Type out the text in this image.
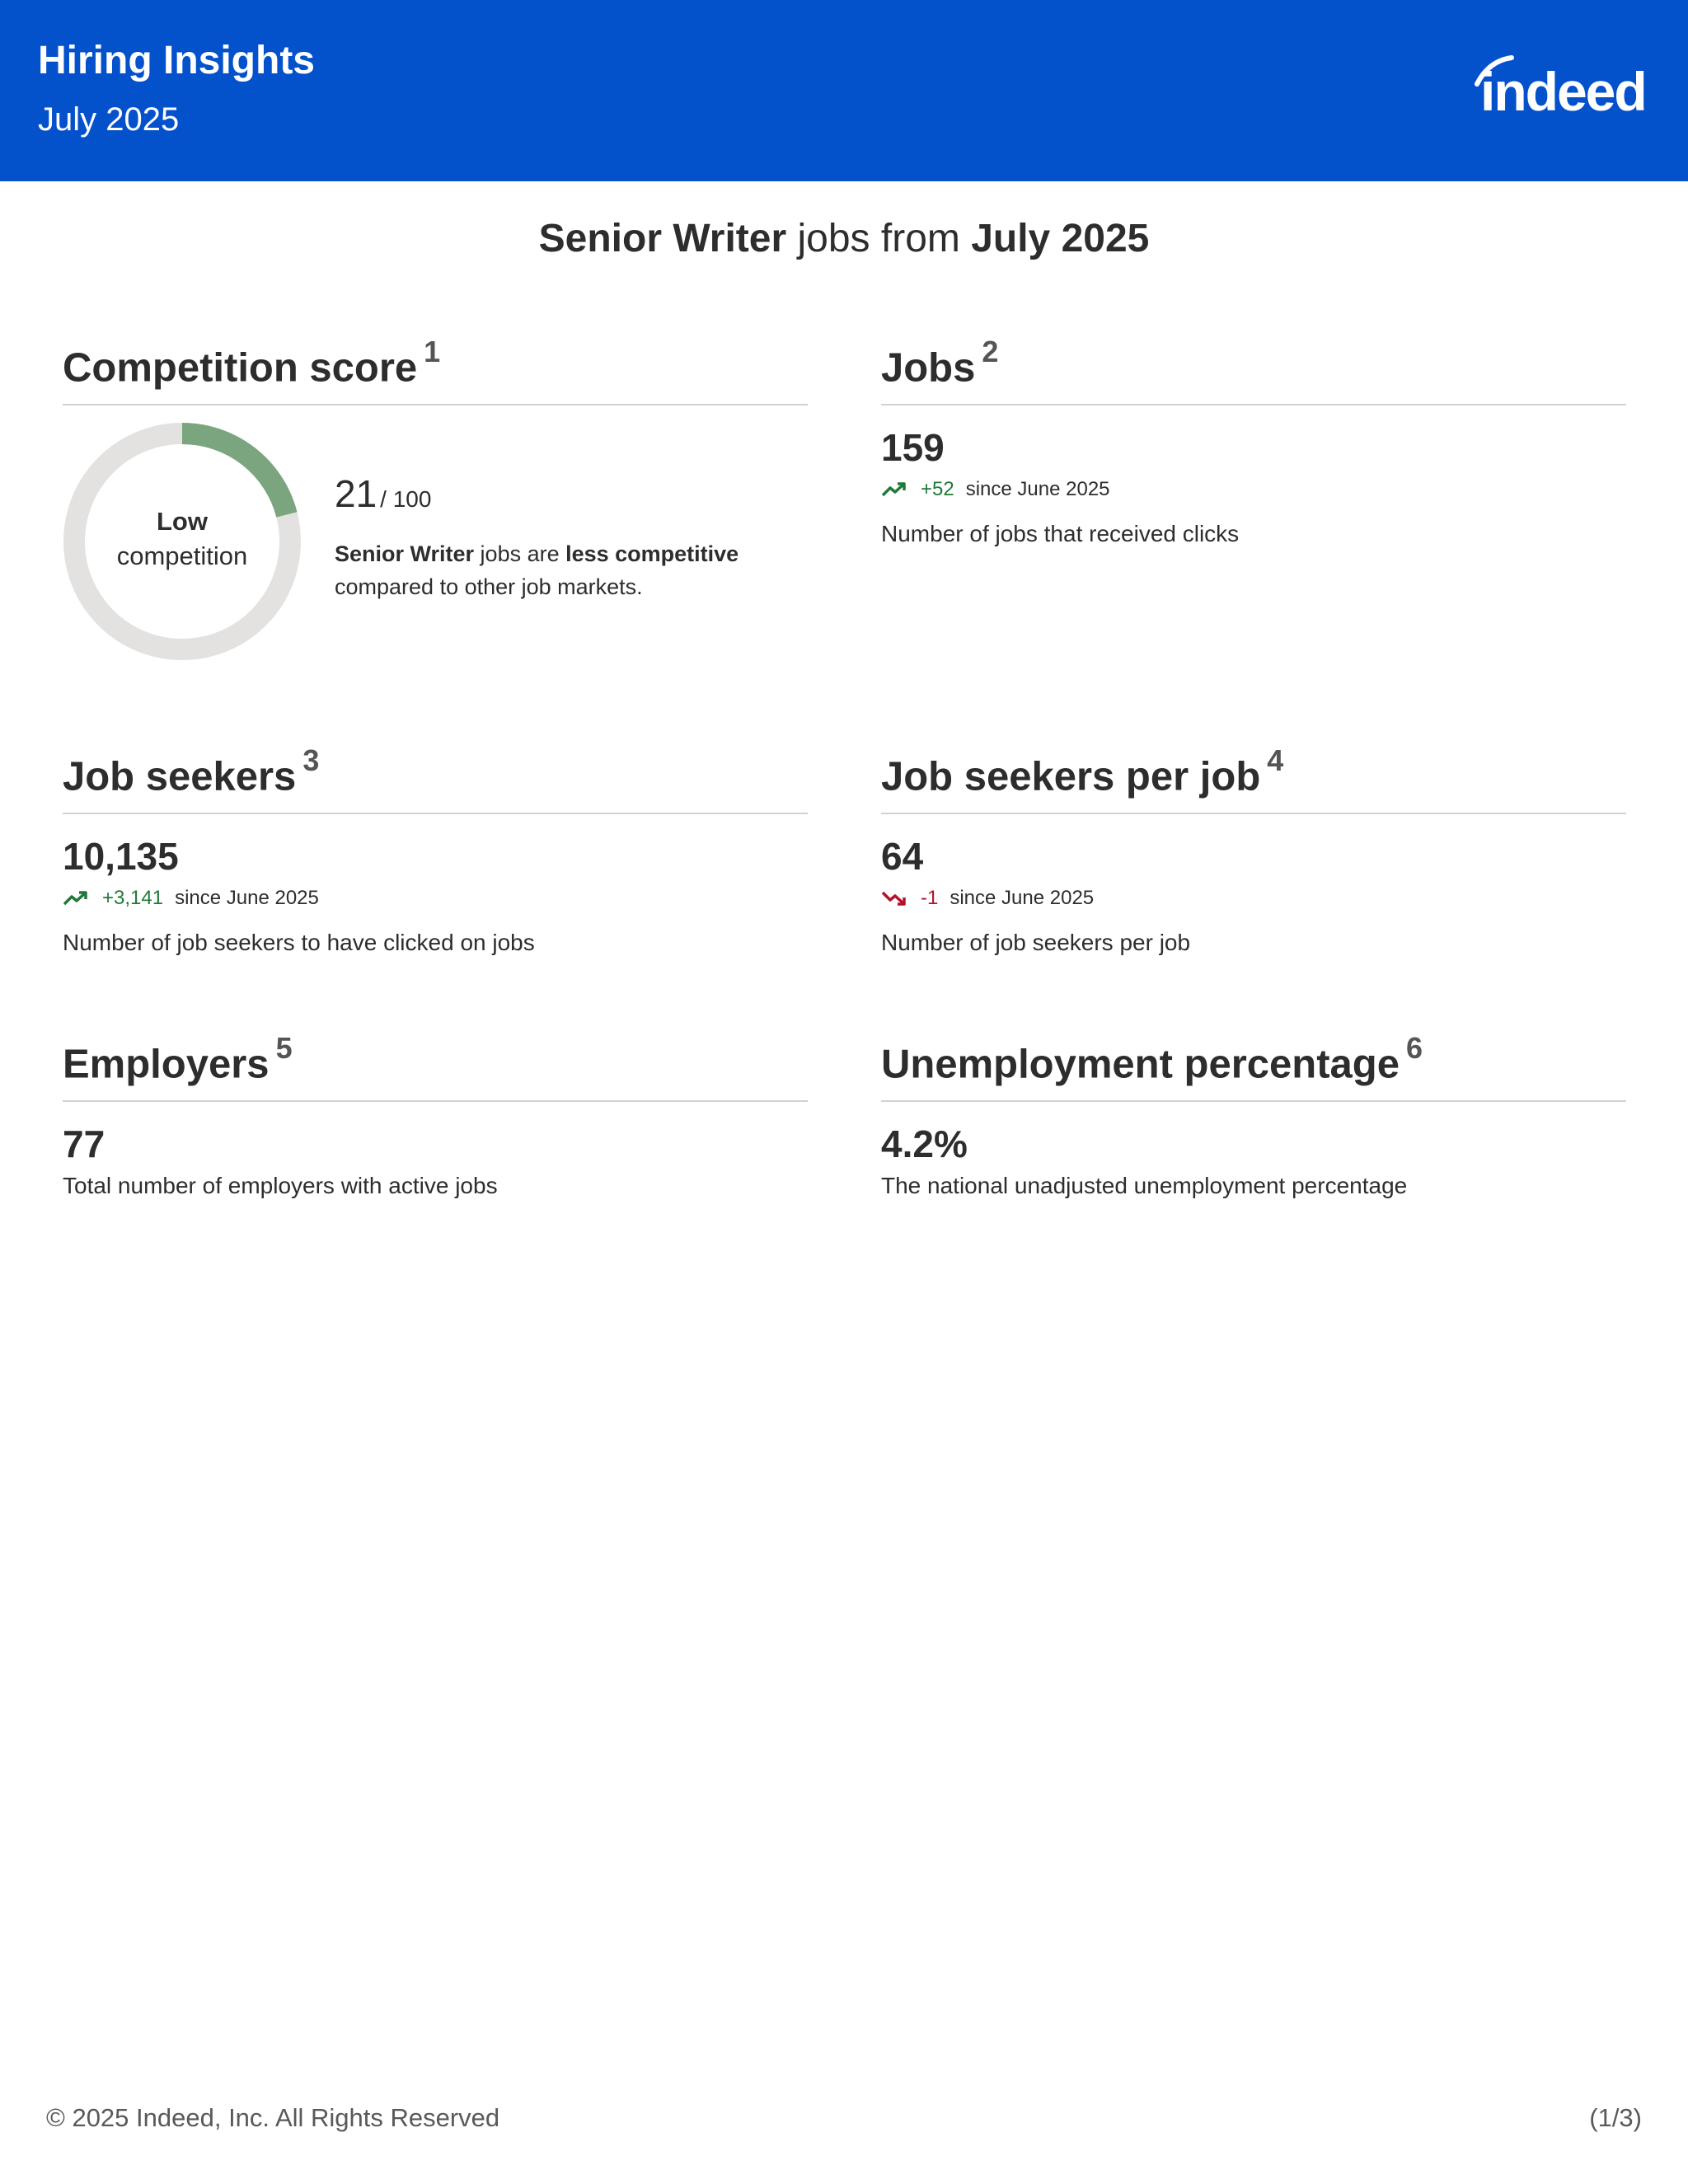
Hiring Insights
July 2025	indeed
Senior Writer jobs from July 2025
Competition score $^1$
Low
competition
21 / 100
Senior Writer jobs are less competitive
compared to other job markets.
Jobs $^2$
159
+52 since June 2025
Number of jobs that received clicks
Job seekers $^3$
10,135
+3,141 since June 2025
Number of job seekers to have clicked on jobs
Job seekers per job $^4$
64
-1 since June 2025
Number of job seekers per job
Employers $^5$
77
Total number of employers with active jobs
Unemployment percentage $^6$
4.2%
The national unadjusted unemployment percentage
© 2025 Indeed, Inc. All Rights Reserved	(1/3)
